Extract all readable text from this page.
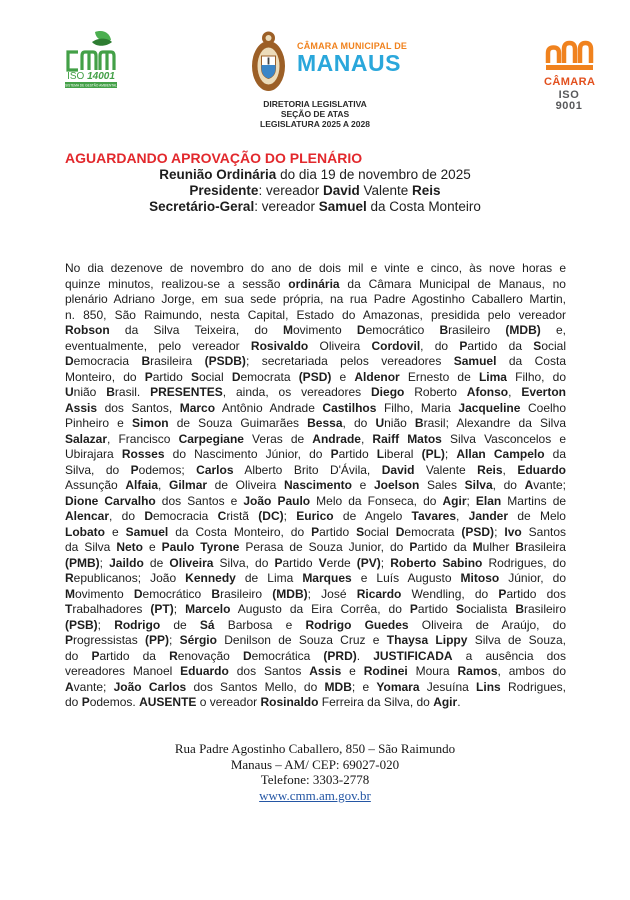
ISO 14001
SISTEMA DE GESTÃO AMBIENTAL
CÂMARA MUNICIPAL DE
MANAUS
CÂMARA
ISO 9001
DIRETORIA LEGISLATIVA
SEÇÃO DE ATAS
LEGISLATURA 2025 A 2028
AGUARDANDO APROVAÇÃO DO PLENÁRIO
Reunião Ordinária do dia 19 de novembro de 2025
Presidente: vereador David Valente Reis
Secretário-Geral: vereador Samuel da Costa Monteiro
No dia dezenove de novembro do ano de dois mil e vinte e cinco, às nove horas e
quinze minutos, realizou-se a sessão ordinária da Câmara Municipal de Manaus, no
plenário Adriano Jorge, em sua sede própria, na rua Padre Agostinho Caballero Martin,
n. 850, São Raimundo, nesta Capital, Estado do Amazonas, presidida pelo vereador
Robson da Silva Teixeira, do Movimento Democrático Brasileiro (MDB) e,
eventualmente, pelo vereador Rosivaldo Oliveira Cordovil, do Partido da Social
Democracia Brasileira (PSDB); secretariada pelos vereadores Samuel da Costa
Monteiro, do Partido Social Democrata (PSD) e Aldenor Ernesto de Lima Filho, do
União Brasil. PRESENTES, ainda, os vereadores Diego Roberto Afonso, Everton
Assis dos Santos, Marco Antônio Andrade Castilhos Filho, Maria Jacqueline Coelho
Pinheiro e Simon de Souza Guimarães Bessa, do União Brasil; Alexandre da Silva
Salazar, Francisco Carpegiane Veras de Andrade, Raiff Matos Silva Vasconcelos e
Ubirajara Rosses do Nascimento Júnior, do Partido Liberal (PL); Allan Campelo da
Silva, do Podemos; Carlos Alberto Brito D'Ávila, David Valente Reis, Eduardo
Assunção Alfaia, Gilmar de Oliveira Nascimento e Joelson Sales Silva, do Avante;
Dione Carvalho dos Santos e João Paulo Melo da Fonseca, do Agir; Elan Martins de
Alencar, do Democracia Cristã (DC); Eurico de Angelo Tavares, Jander de Melo
Lobato e Samuel da Costa Monteiro, do Partido Social Democrata (PSD); Ivo Santos
da Silva Neto e Paulo Tyrone Perasa de Souza Junior, do Partido da Mulher Brasileira
(PMB); Jaildo de Oliveira Silva, do Partido Verde (PV); Roberto Sabino Rodrigues, do
Republicanos; João Kennedy de Lima Marques e Luís Augusto Mitoso Júnior, do
Movimento Democrático Brasileiro (MDB); José Ricardo Wendling, do Partido dos
Trabalhadores (PT); Marcelo Augusto da Eira Corrêa, do Partido Socialista Brasileiro
(PSB); Rodrigo de Sá Barbosa e Rodrigo Guedes Oliveira de Araújo, do
Progressistas (PP); Sérgio Denilson de Souza Cruz e Thaysa Lippy Silva de Souza,
do Partido da Renovação Democrática (PRD). JUSTIFICADA a ausência dos
vereadores Manoel Eduardo dos Santos Assis e Rodinei Moura Ramos, ambos do
Avante; João Carlos dos Santos Mello, do MDB; e Yomara Jesuína Lins Rodrigues,
do Podemos. AUSENTE o vereador Rosinaldo Ferreira da Silva, do Agir.
Rua Padre Agostinho Caballero, 850 – São Raimundo
Manaus – AM/ CEP: 69027-020
Telefone: 3303-2778
www.cmm.am.gov.br
